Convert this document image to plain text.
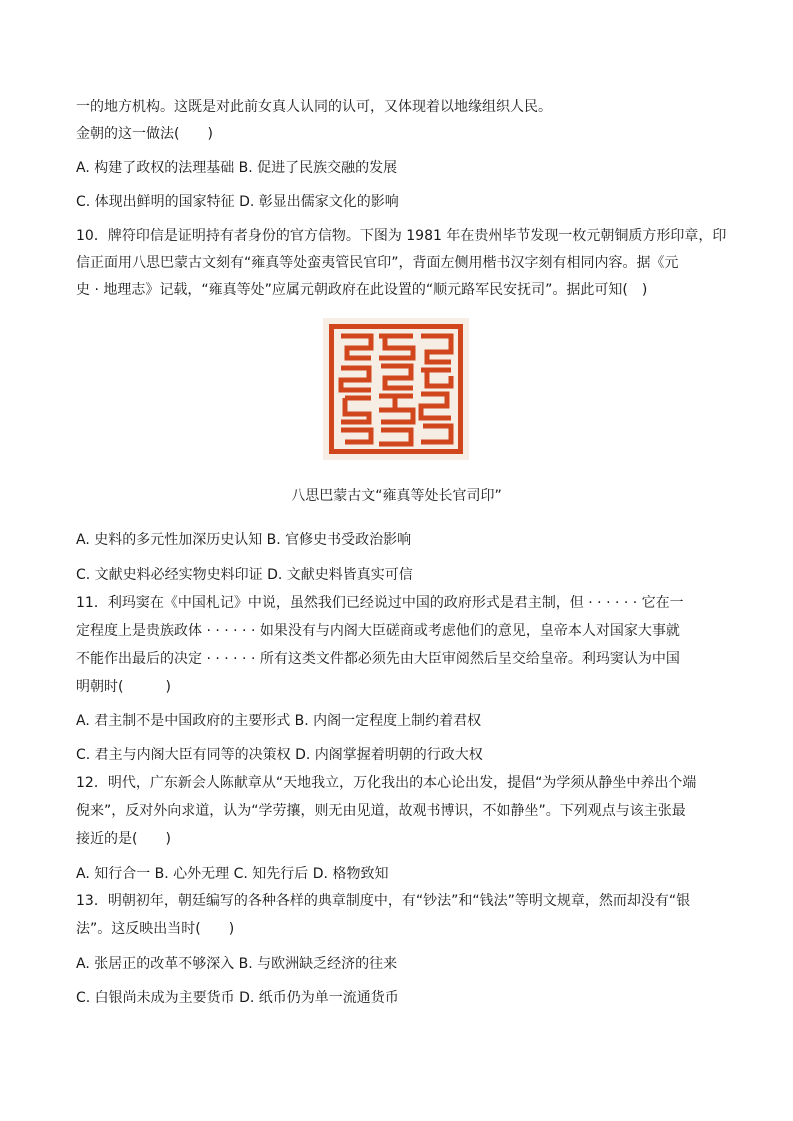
一的地方机构。这既是对此前女真人认同的认可，又体现着以地缘组织人民。
金朝的这一做法(　　)
A. 构建了政权的法理基础 B. 促进了民族交融的发展
C. 体现出鲜明的国家特征 D. 彰显出儒家文化的影响
10．牌符印信是证明持有者身份的官方信物。下图为 1981 年在贵州毕节发现一枚元朝铜质方形印章，印
信正面用八思巴蒙古文刻有“雍真等处蛮夷管民官印”，背面左侧用楷书汉字刻有相同内容。据《元
史 · 地理志》记载，“雍真等处”应属元朝政府在此设置的“顺元路军民安抚司”。据此可知(　)
八思巴蒙古文“雍真等处长官司印”
A. 史料的多元性加深历史认知 B. 官修史书受政治影响
C. 文献史料必经实物史料印证 D. 文献史料皆真实可信
11．利玛窦在《中国札记》中说，虽然我们已经说过中国的政府形式是君主制，但 · · · · · · 它在一
定程度上是贵族政体 · · · · · · 如果没有与内阁大臣磋商或考虑他们的意见，皇帝本人对国家大事就
不能作出最后的决定 · · · · · · 所有这类文件都必须先由大臣审阅然后呈交给皇帝。利玛窦认为中国
明朝时(　　　)
A. 君主制不是中国政府的主要形式 B. 内阁一定程度上制约着君权
C. 君主与内阁大臣有同等的决策权 D. 内阁掌握着明朝的行政大权
12．明代，广东新会人陈献章从“天地我立，万化我出的本心论出发，提倡“为学须从静坐中养出个端
倪来”，反对外向求道，认为“学劳攘，则无由见道，故观书博识，不如静坐”。下列观点与该主张最
接近的是(　　)
A. 知行合一 B. 心外无理 C. 知先行后 D. 格物致知
13．明朝初年，朝廷编写的各种各样的典章制度中，有“钞法”和“钱法”等明文规章，然而却没有“银
法”。这反映出当时(　　)
A. 张居正的改革不够深入 B. 与欧洲缺乏经济的往来
C. 白银尚未成为主要货币 D. 纸币仍为单一流通货币
